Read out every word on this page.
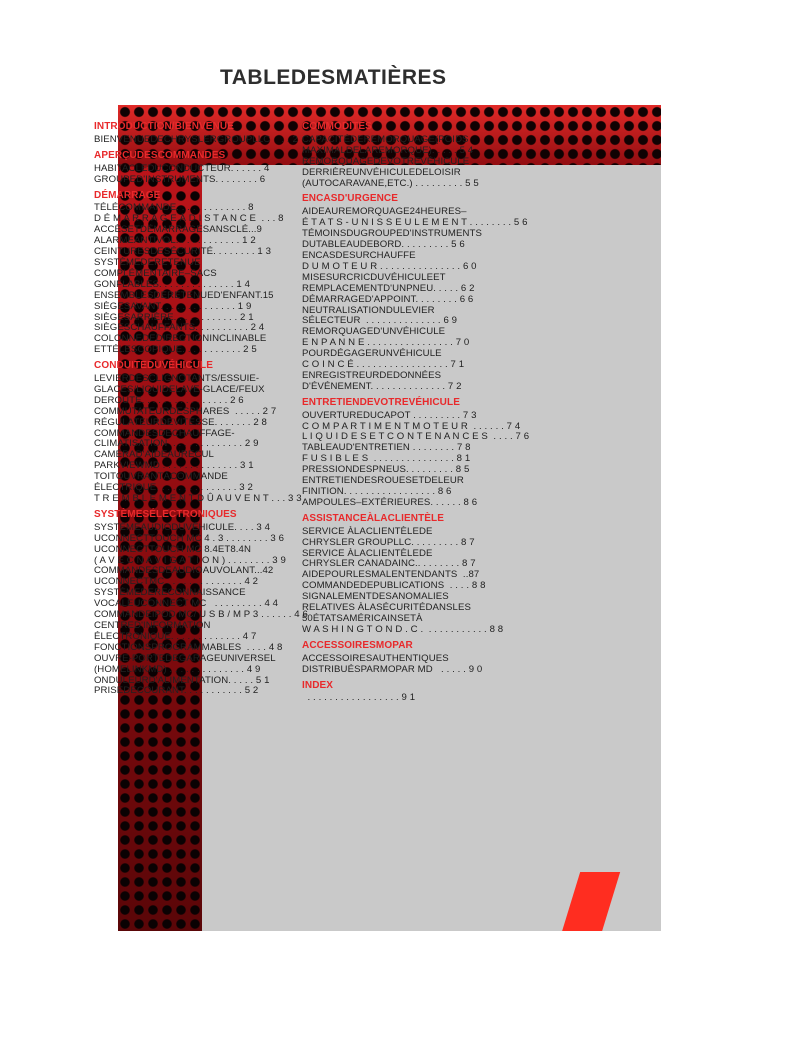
TABLEDESMATIÈRES
INTRODUCTION/BIENVENUE
BIENVENUEDECHRYSLERGROUPLLC    . . 2
APERÇUDESCOMMANDES
HABITACLEDUCONDUCTEUR. . . . . . 4
GROUPED'INSTRUMENTS. . . . . . . . 6
DÉMARRAGE
TÉLÉCOMMANDE. . . . . . . . . . . . . 8
D É M A R R A G E À D I S T A N C E  . . . 8
ACCÈSETDÉMARRAGESANSCLÉ...9
ALARMEANTIVOL. . . . . . . . . . . . 1 2
CEINTURESDESÉCURITÉ. . . . . . . . 1 3
SYSTÈMEDERETENUE
COMPLÉMENTAIRE–SACS
GONFLABLES. . . . . . . . . . . . . . 1 4
ENSEMBLESDERETENUED'ENFANT.15
SIÈGESAVANT. . . . . . . . . . . . . . 1 9
SIÈGESARRIÈRE. . . . . . . . . . . . 2 1
SIÈGESCHAUFFANTS. . . . . . . . . . 2 4
COLONNEDEDIRECTIONINCLINABLE
ETTÉLESCOPIQUE. . . . . . . . . . . 2 5
CONDUITEDUVÉHICULE
LEVIERDESCLIGNOTANTS/ESSUIE-
GLACES/LIQUIDELAVE-GLACE/FEUX
DEROUTE. . . . . . . . . . . . . . . . 2 6
COMMUTATEURDESPHARES  . . . . . 2 7
RÉGULATEURDEVITESSE. . . . . . . 2 8
COMMANDESDECHAUFFAGE-
CLIMATISATION  . . . . . . . . . . . . . 2 9
CAMÉRAD'AIDEAURECUL
PARKVIEWMD . . . . . . . . . . . . . . 3 1
TOITOUVRANTÀCOMMANDE
ÉLECTRIQUE. . . . . . . . . . . . . . . 3 2
T R E M B L E M E N T D Û A U V E N T . . . 3 3
SYSTÈMESÉLECTRONIQUES
SYSTÈMEAUDIODUVÉHICULE. . . . 3 4
UCONNECTTOUCH MC 4 . 3 . . . . . . . . 3 6
UCONNECTTOUCH MC 8.4ET8.4N
( A V E C N A V I G A T I O N ) . . . . . . . . 3 9
COMMANDESDEAUDIOAUVOLANT...42
UCONNECTMC . . . . . . . . . . . . . . 4 2
SYSTÈMEDERECONNAISSANCE
VOCALEUCONNECT MC   . . . . . . . . . 4 4
COMMANDEIPOD MC/ U S B / M P 3 . . . . . . 4 6
CENTRED'INFORMATION
ÉLECTRONIQUE. . . . . . . . . . . . . 4 7
FONCTIONSPROGRAMMABLES  . . . . 4 8
OUVRE-PORTEDEGARAGEUNIVERSEL
(HOMELINKMD) . . . . . . . . . . . . . . 4 9
ONDULEURD'ALIMENTATION. . . . . 5 1
PRISEDECOURANT. . . . . . . . . . . 5 2
COMMODITÉS
CAPACITÉDEREMORQUAGE(POIDS
MAXIMALDELAREMORQUE). . . . . 5 4
REMORQUAGEDEVOTREVÉHICULE
DERRIÈREUNVÉHICULEDELOISIR
(AUTOCARAVANE,ETC.) . . . . . . . . . 5 5
ENCASD'URGENCE
AIDEAUREMORQUAGE24HEURES–
É T A T S - U N I S S E U L E M E N T . . . . . . . . 5 6
TÉMOINSDUGROUPED'INSTRUMENTS
DUTABLEAUDEBORD. . . . . . . . . 5 6
ENCASDESURCHAUFFE
D U M O T E U R . . . . . . . . . . . . . . . 6 0
MISESURCRICDUVÉHICULEET
REMPLACEMENTD'UNPNEU. . . . . 6 2
DÉMARRAGED'APPOINT. . . . . . . . 6 6
NEUTRALISATIONDULEVIER
SÉLECTEUR  . . . . . . . . . . . . . . 6 9
REMORQUAGED'UNVÉHICULE
E N P A N N E . . . . . . . . . . . . . . . . 7 0
POURDÉGAGERUNVÉHICULE
C O I N C É . . . . . . . . . . . . . . . . . 7 1
ENREGISTREURDEDONNÉES
D'ÉVÉNEMENT. . . . . . . . . . . . . . 7 2
ENTRETIENDEVOTREVÉHICULE
OUVERTUREDUCAPOT . . . . . . . . . 7 3
C O M P A R T I M E N T M O T E U R  . . . . . . 7 4
L I Q U I D E S E T C O N T E N A N C E S  . . . . 7 6
TABLEAUD'ENTRETIEN . . . . . . . . 7 8
F U S I B L E S  . . . . . . . . . . . . . . . 8 1
PRESSIONDESPNEUS. . . . . . . . . 8 5
ENTRETIENDESROUESETDELEUR
FINITION. . . . . . . . . . . . . . . . . 8 6
AMPOULES–EXTÉRIEURES. . . . . . 8 6
ASSISTANCEÀLACLIENTÈLE
SERVICE ÀLACLIENTÈLEDE
CHRYSLER GROUPLLC. . . . . . . . . 8 7
SERVICE ÀLACLIENTÈLEDE
CHRYSLER CANADAINC.. . . . . . . . 8 7
AIDEPOURLESMALENTENDANTS  ..87
COMMANDEDEPUBLICATIONS  . . . . 8 8
SIGNALEMENTDESANOMALIES
RELATIVES ÀLASÉCURITÉDANSLES
50ÉTATSAMÉRICAINSETÀ
W A S H I N G T O N D . C .  . . . . . . . . . . . 8 8
ACCESSOIRESMOPAR
ACCESSOIRESAUTHENTIQUES
DISTRIBUÉSPARMOPAR MD   . . . . . 9 0
INDEX
. . . . . . . . . . . . . . . . . 9 1
